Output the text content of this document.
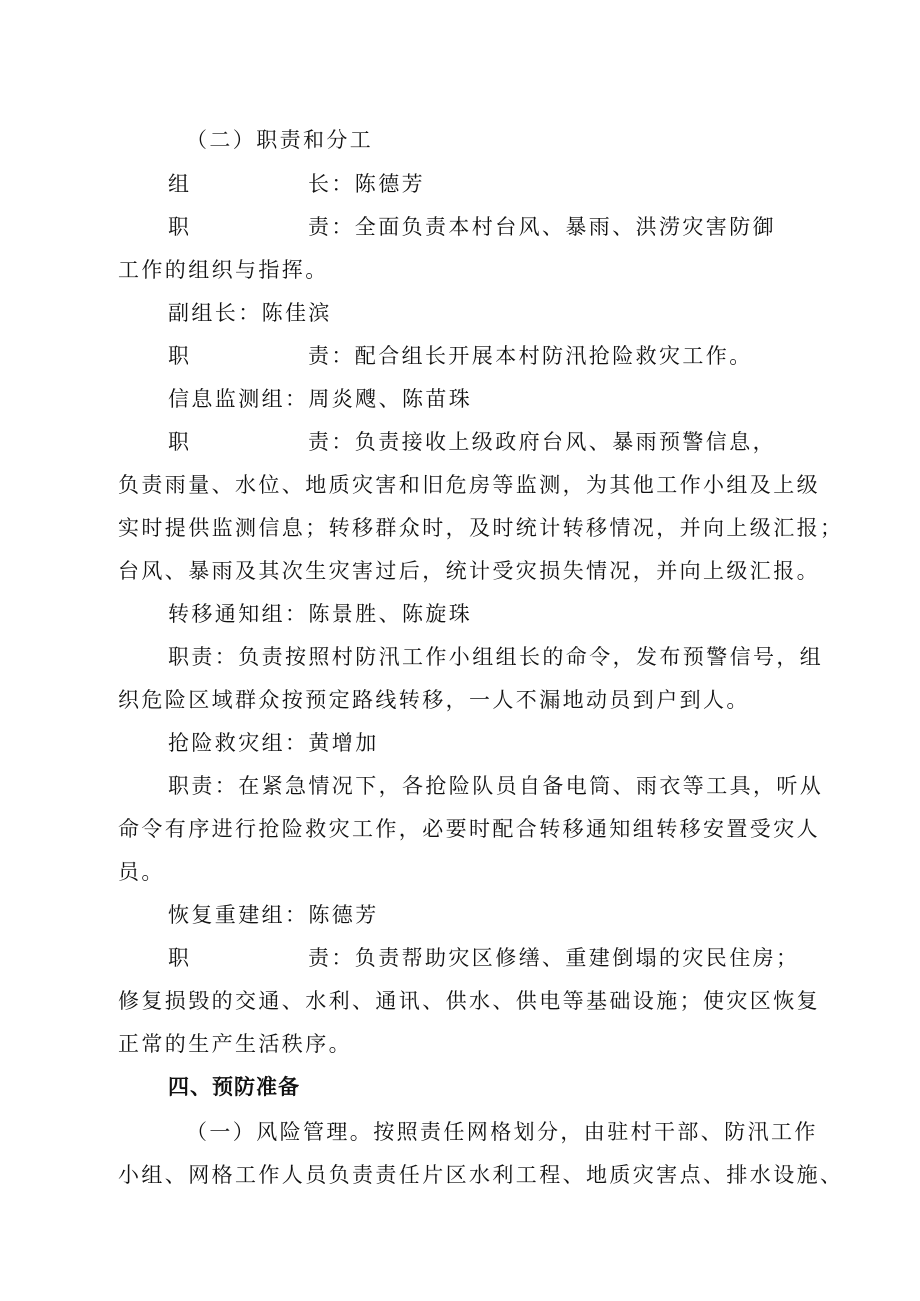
（二）职责和分工
组	长：陈德芳
职	责：全面负责本村台风、暴雨、洪涝灾害防御
工作的组织与指挥。
副组长：陈佳滨
职	责：配合组长开展本村防汛抢险救灾工作。
信息监测组：周炎飕、陈苗珠
职	责：负责接收上级政府台风、暴雨预警信息，
负责雨量、水位、地质灾害和旧危房等监测，为其他工作小组及上级
实时提供监测信息；转移群众时，及时统计转移情况，并向上级汇报；
台风、暴雨及其次生灾害过后，统计受灾损失情况，并向上级汇报。
转移通知组：陈景胜、陈旋珠
职责：负责按照村防汛工作小组组长的命令，发布预警信号，组
织危险区域群众按预定路线转移，一人不漏地动员到户到人。
抢险救灾组：黄增加
职责：在紧急情况下，各抢险队员自备电筒、雨衣等工具，听从
命令有序进行抢险救灾工作，必要时配合转移通知组转移安置受灾人
员。
恢复重建组：陈德芳
职	责：负责帮助灾区修缮、重建倒塌的灾民住房；
修复损毁的交通、水利、通讯、供水、供电等基础设施；使灾区恢复
正常的生产生活秩序。
四、预防准备
（一）风险管理。按照责任网格划分，由驻村干部、防汛工作
小组、网格工作人员负责责任片区水利工程、地质灾害点、排水设施、
